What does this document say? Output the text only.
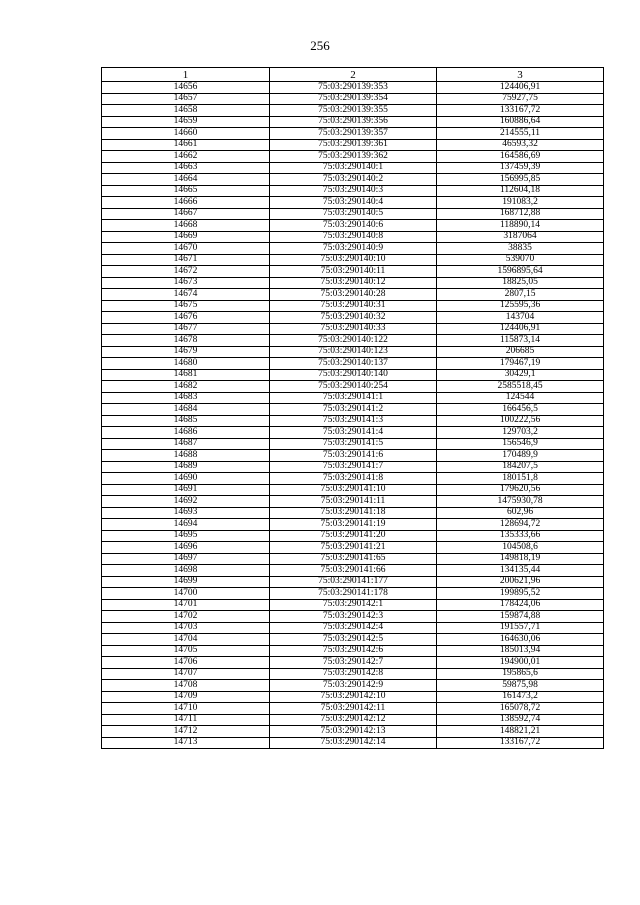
256
1	2	3
14656	75:03:290139:353	124406,91
14657	75:03:290139:354	75927,75
14658	75:03:290139:355	133167,72
14659	75:03:290139:356	160886,64
14660	75:03:290139:357	214555,11
14661	75:03:290139:361	46593,32
14662	75:03:290139:362	164586,69
14663	75:03:290140:1	137459,39
14664	75:03:290140:2	156995,85
14665	75:03:290140:3	112604,18
14666	75:03:290140:4	191083,2
14667	75:03:290140:5	168712,88
14668	75:03:290140:6	118890,14
14669	75:03:290140:8	3187064
14670	75:03:290140:9	38835
14671	75:03:290140:10	539070
14672	75:03:290140:11	1596895,64
14673	75:03:290140:12	18825,05
14674	75:03:290140:28	2807,15
14675	75:03:290140:31	125595,36
14676	75:03:290140:32	143704
14677	75:03:290140:33	124406,91
14678	75:03:290140:122	115873,14
14679	75:03:290140:123	206685
14680	75:03:290140:137	179467,19
14681	75:03:290140:140	30429,1
14682	75:03:290140:254	2585518,45
14683	75:03:290141:1	124544
14684	75:03:290141:2	166456,5
14685	75:03:290141:3	100222,56
14686	75:03:290141:4	129703,2
14687	75:03:290141:5	156546,9
14688	75:03:290141:6	170489,9
14689	75:03:290141:7	184207,5
14690	75:03:290141:8	180151,8
14691	75:03:290141:10	179620,56
14692	75:03:290141:11	1475930,78
14693	75:03:290141:18	602,96
14694	75:03:290141:19	128694,72
14695	75:03:290141:20	135333,66
14696	75:03:290141:21	104508,6
14697	75:03:290141:65	149818,19
14698	75:03:290141:66	134135,44
14699	75:03:290141:177	200621,96
14700	75:03:290141:178	199895,52
14701	75:03:290142:1	178424,06
14702	75:03:290142:3	159874,88
14703	75:03:290142:4	191557,71
14704	75:03:290142:5	164630,06
14705	75:03:290142:6	185013,94
14706	75:03:290142:7	194900,01
14707	75:03:290142:8	195865,6
14708	75:03:290142:9	59875,98
14709	75:03:290142:10	161473,2
14710	75:03:290142:11	165078,72
14711	75:03:290142:12	138592,74
14712	75:03:290142:13	148821,21
14713	75:03:290142:14	133167,72
